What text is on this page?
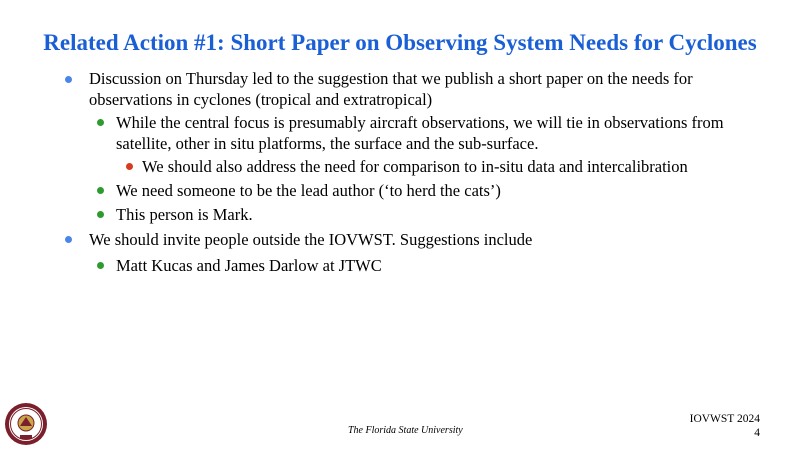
Related Action #1: Short Paper on Observing System Needs for Cyclones
Discussion on Thursday led to the suggestion that we publish a short paper on the needs for
observations in cyclones (tropical and extratropical)
While the central focus is presumably aircraft observations, we will tie in observations from
satellite, other in situ platforms, the surface and the sub-surface.
We should also address the need for comparison to in-situ data and intercalibration
We need someone to be the lead author (‘to herd the cats’)
This person is Mark.
We should invite people outside the IOVWST. Suggestions include
Matt Kucas and James Darlow at JTWC
The Florida State University
IOVWST 2024
4
